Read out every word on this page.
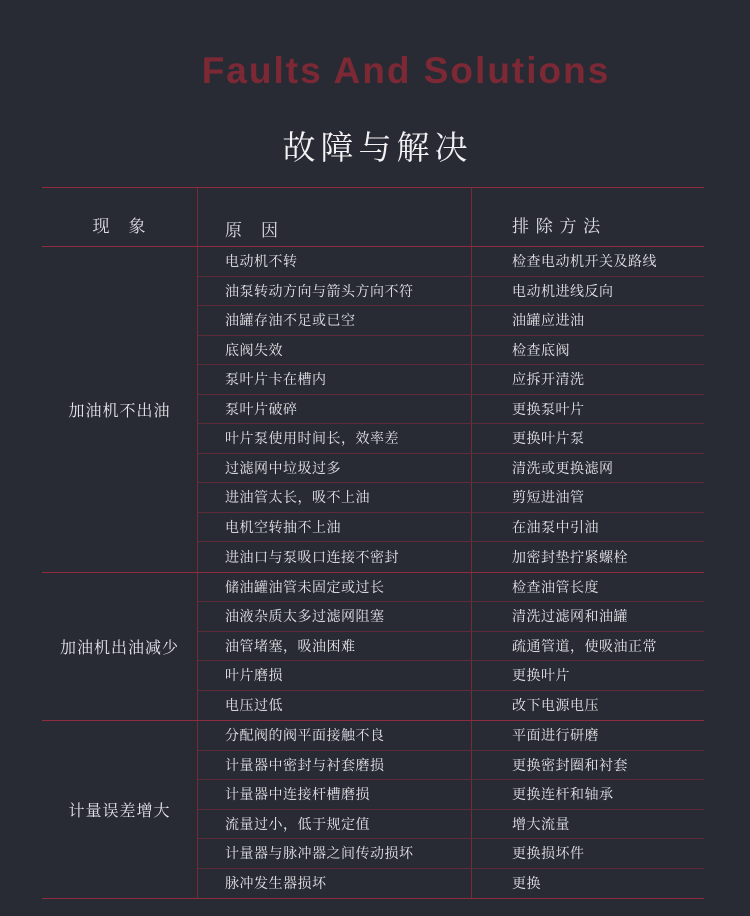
Faults And Solutions
故障与解决
现　象	原　因	排 除 方 法
加油机不出油
电动机不转	检查电动机开关及路线
油泵转动方向与箭头方向不符	电动机进线反向
油罐存油不足或已空	油罐应进油
底阀失效	检查底阀
泵叶片卡在槽内	应拆开清洗
泵叶片破碎	更换泵叶片
叶片泵使用时间长，效率差	更换叶片泵
过滤网中垃圾过多	清洗或更换滤网
进油管太长，吸不上油	剪短进油管
电机空转抽不上油	在油泵中引油
进油口与泵吸口连接不密封	加密封垫拧紧螺栓
加油机出油减少
储油罐油管未固定或过长	检查油管长度
油液杂质太多过滤网阻塞	清洗过滤网和油罐
油管堵塞，吸油困难	疏通管道，使吸油正常
叶片磨损	更换叶片
电压过低	改下电源电压
计量误差增大
分配阀的阀平面接触不良	平面进行研磨
计量器中密封与衬套磨损	更换密封圈和衬套
计量器中连接杆槽磨损	更换连杆和轴承
流量过小，低于规定值	增大流量
计量器与脉冲器之间传动损坏	更换损坏件
脉冲发生器损坏	更换
